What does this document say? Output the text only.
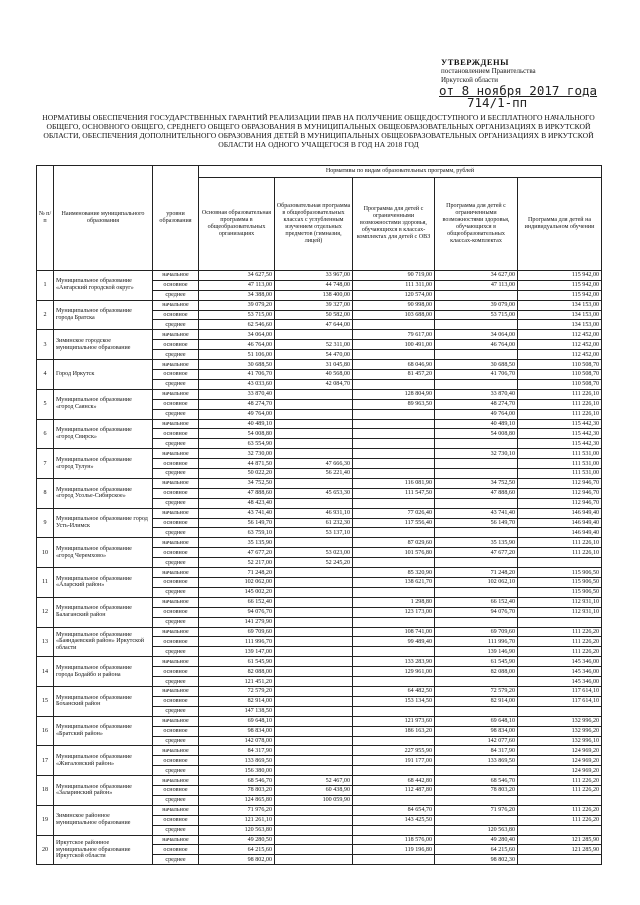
УТВЕРЖДЕНЫ
постановлением Правительства
Иркутской области
от 8 ноября 2017 года
714/1-пп
НОРМАТИВЫ ОБЕСПЕЧЕНИЯ ГОСУДАРСТВЕННЫХ ГАРАНТИЙ РЕАЛИЗАЦИИ ПРАВ НА ПОЛУЧЕНИЕ ОБЩЕДОСТУПНОГО И БЕСПЛАТНОГО НАЧАЛЬНОГО ОБЩЕГО, ОСНОВНОГО ОБЩЕГО, СРЕДНЕГО ОБЩЕГО ОБРАЗОВАНИЯ В МУНИЦИПАЛЬНЫХ ОБЩЕОБРАЗОВАТЕЛЬНЫХ ОРГАНИЗАЦИЯХ В ИРКУТСКОЙ ОБЛАСТИ, ОБЕСПЕЧЕНИЯ ДОПОЛНИТЕЛЬНОГО ОБРАЗОВАНИЯ ДЕТЕЙ В МУНИЦИПАЛЬНЫХ ОБЩЕОБРАЗОВАТЕЛЬНЫХ ОРГАНИЗАЦИЯХ В ИРКУТСКОЙ ОБЛАСТИ НА ОДНОГО УЧАЩЕГОСЯ В ГОД НА 2018 ГОД
№ п/п	Наименование муниципального образования	уровни образования	Нормативы по видам образовательных программ, рублей				
			Основная образовательная программа в общеобразовательных организациях	Образовательная программа в общеобразовательных классах с углубленным изучением отдельных предметов (гимназия, лицей)	Программа для детей с ограниченными возможностями здоровья, обучающихся в классах-комплектах для детей с ОВЗ	Программа для детей с ограниченными возможностями здоровья, обучающихся в общеобразовательных классах-комплектах	Программа для детей на индивидуальном обучении
1	Муниципальное образование «Ангарский городской округ»	начальное	34 627,50	33 967,00	90 719,00	34 627,00	115 942,00
		основное	47 113,00	44 748,00	111 311,00	47 113,00	115 942,00
		среднее	34 388,00	138 400,00	120 574,00		115 942,00
2	Муниципальное образование города Братска	начальное	39 079,20	39 327,00	90 998,00	39 079,00	134 153,00
		основное	53 715,00	50 582,00	103 688,00	53 715,00	134 153,00
		среднее	62 546,60	47 644,00			134 153,00
3	Зиминское городское муниципальное образование	начальное	34 064,00		79 617,00	34 064,00	112 452,00
		основное	46 764,00	52 311,00	100 491,00	46 764,00	112 452,00
		среднее	51 106,00	54 470,00			112 452,00
4	Город Иркутск	начальное	30 688,50	31 045,80	68 046,90	30 688,50	110 508,70
		основное	41 706,70	40 568,00	81 457,20	41 706,70	110 508,70
		среднее	43 033,60	42 084,70			110 508,70
5	Муниципальное образование «город Саянск»	начальное	33 870,40		128 804,90	33 870,40	111 226,10
		основное	48 274,70		89 963,50	48 274,70	111 226,10
		среднее	49 764,00			49 764,00	111 226,10
6	Муниципальное образование «город Свирск»	начальное	40 489,10			40 489,10	115 442,30
		основное	54 008,80			54 008,80	115 442,30
		среднее	63 554,90				115 442,30
7	Муниципальное образование «город Тулун»	начальное	32 730,00			32 730,10	111 531,00
		основное	44 871,50	47 666,30			111 531,00
		среднее	50 022,20	56 221,40			111 531,00
8	Муниципальное образование «город Усолье-Сибирское»	начальное	34 752,50		116 081,90	34 752,50	112 946,70
		основное	47 888,60	45 653,30	111 547,50	47 888,60	112 946,70
		среднее	48 423,40				112 946,70
9	Муниципальное образование город Усть-Илимск	начальное	43 741,40	46 931,10	77 026,40	43 741,40	146 949,40
		основное	56 149,70	61 232,30	117 556,40	56 149,70	146 949,40
		среднее	63 759,10	53 137,10			146 949,40
10	Муниципальное образование «город Черемхово»	начальное	35 135,90		87 029,60	35 135,90	111 226,10
		основное	47 677,20	53 023,00	101 576,80	47 677,20	111 226,10
		среднее	52 217,00	52 245,20			
11	Муниципальное образование «Аларский район»	начальное	71 248,20		85 320,90	71 248,20	115 906,50
		основное	102 062,00		138 621,70	102 062,10	115 906,50
		среднее	145 002,20				115 906,50
12	Муниципальное образование Балаганский район	начальное	66 152,40		1 298,80	66 152,40	112 931,10
		основное	94 076,70		123 173,00	94 076,70	112 931,10
		среднее	141 279,90				
13	Муниципальное образование «Баяндаевский район» Иркутской области	начальное	69 709,60		108 741,00	69 709,60	111 226,20
		основное	111 996,70		99 489,40	111 996,70	111 226,20
		среднее	139 147,00			139 146,90	111 226,20
14	Муниципальное образование города Бодайбо и района	начальное	61 545,90		133 283,90	61 545,90	145 346,00
		основное	82 088,00		129 961,00	82 088,00	145 346,00
		среднее	121 451,20				145 346,00
15	Муниципальное образование Боханский район	начальное	72 579,20		64 482,50	72 579,20	117 614,10
		основное	82 914,00		153 134,50	82 914,00	117 614,10
		среднее	147 138,50				
16	Муниципальное образование «Братский район»	начальное	69 648,10		121 973,60	69 648,10	132 996,20
		основное	98 834,00		186 163,20	98 834,00	132 996,20
		среднее	142 078,00			142 077,60	132 996,10
17	Муниципальное образование «Жигаловский район»	начальное	84 317,90		227 955,90	84 317,90	124 969,20
		основное	133 869,50		191 177,00	133 869,50	124 969,20
		среднее	156 380,00				124 969,20
18	Муниципальное образование «Заларинский район»	начальное	68 546,70	52 467,00	68 442,80	68 546,70	111 226,20
		основное	78 803,20	60 438,90	112 487,80	78 803,20	111 226,20
		среднее	124 865,80	100 059,90			
19	Зиминское районное муниципальное образование	начальное	71 976,20		84 654,70	71 976,20	111 226,20
		основное	121 261,10		143 425,50		111 226,20
		среднее	120 563,80			120 563,80	
20	Иркутское районное муниципальное образование Иркутской области	начальное	49 280,50		118 576,00	49 280,40	121 285,90
		основное	64 215,60		119 196,80	64 215,60	121 285,90
		среднее	98 802,00			98 802,30	
